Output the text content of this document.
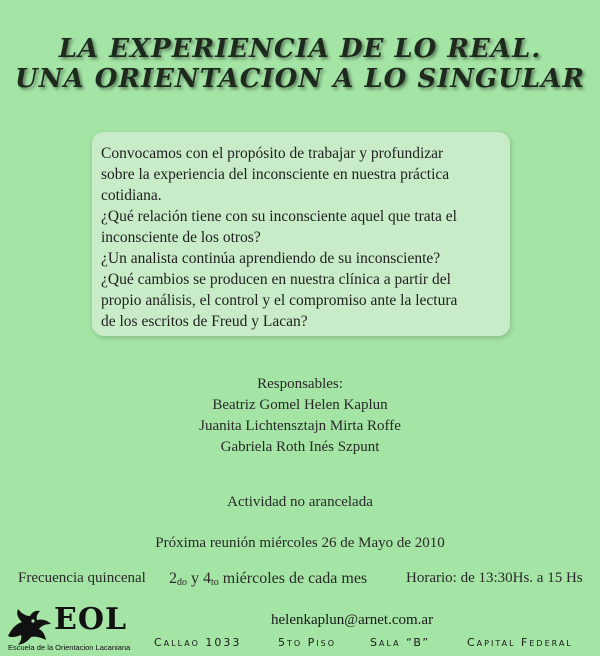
LA EXPERIENCIA DE LO REAL.
UNA ORIENTACION A LO SINGULAR

Convocamos con el propósito de trabajar y profundizar

sobre la experiencia del inconsciente en nuestra práctica

cotidiana.

¿Qué relación tiene con su inconsciente aquel que trata el

inconsciente de los otros?

¿Un analista continúa aprendiendo de su inconsciente?

¿Qué cambios se producen en nuestra clínica a partir del

propio análisis, el control y el compromiso ante la lectura

de los escritos de Freud y Lacan?

Responsables:

Beatriz Gomel Helen Kaplun

Juanita Lichtensztajn Mirta Roffe

Gabriela Roth Inés Szpunt

Actividad no arancelada

Próxima reunión miércoles 26 de Mayo de 2010

Frecuencia quincenal $2_{do}$ y $4_{to}$ miércoles de cada mes	Horario: de 13:30Hs. a 15 Hs

EOL

Escuela de la Orientacion Lacaniana

helenkaplun@arnet.com.ar

Callao 1033	5to Piso	Sala “B”	Capital Federal
